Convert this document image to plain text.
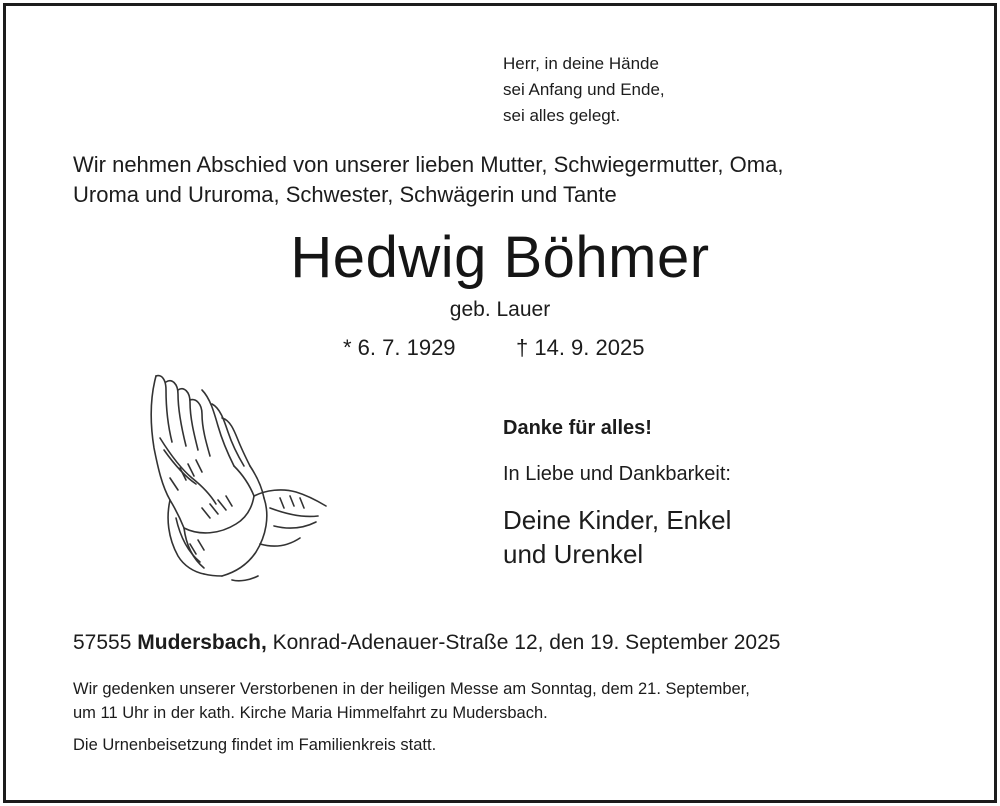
Herr, in deine Hände
sei Anfang und Ende,
sei alles gelegt.
Wir nehmen Abschied von unserer lieben Mutter, Schwiegermutter, Oma,
Uroma und Ururoma, Schwester, Schwägerin und Tante
Hedwig Böhmer
geb. Lauer
* 6. 7. 1929	† 14. 9. 2025
Danke für alles!
In Liebe und Dankbarkeit:
Deine Kinder, Enkel
und Urenkel
57555 Mudersbach, Konrad-Adenauer-Straße 12, den 19. September 2025
Wir gedenken unserer Verstorbenen in der heiligen Messe am Sonntag, dem 21. September,
um 11 Uhr in der kath. Kirche Maria Himmelfahrt zu Mudersbach.
Die Urnenbeisetzung findet im Familienkreis statt.
